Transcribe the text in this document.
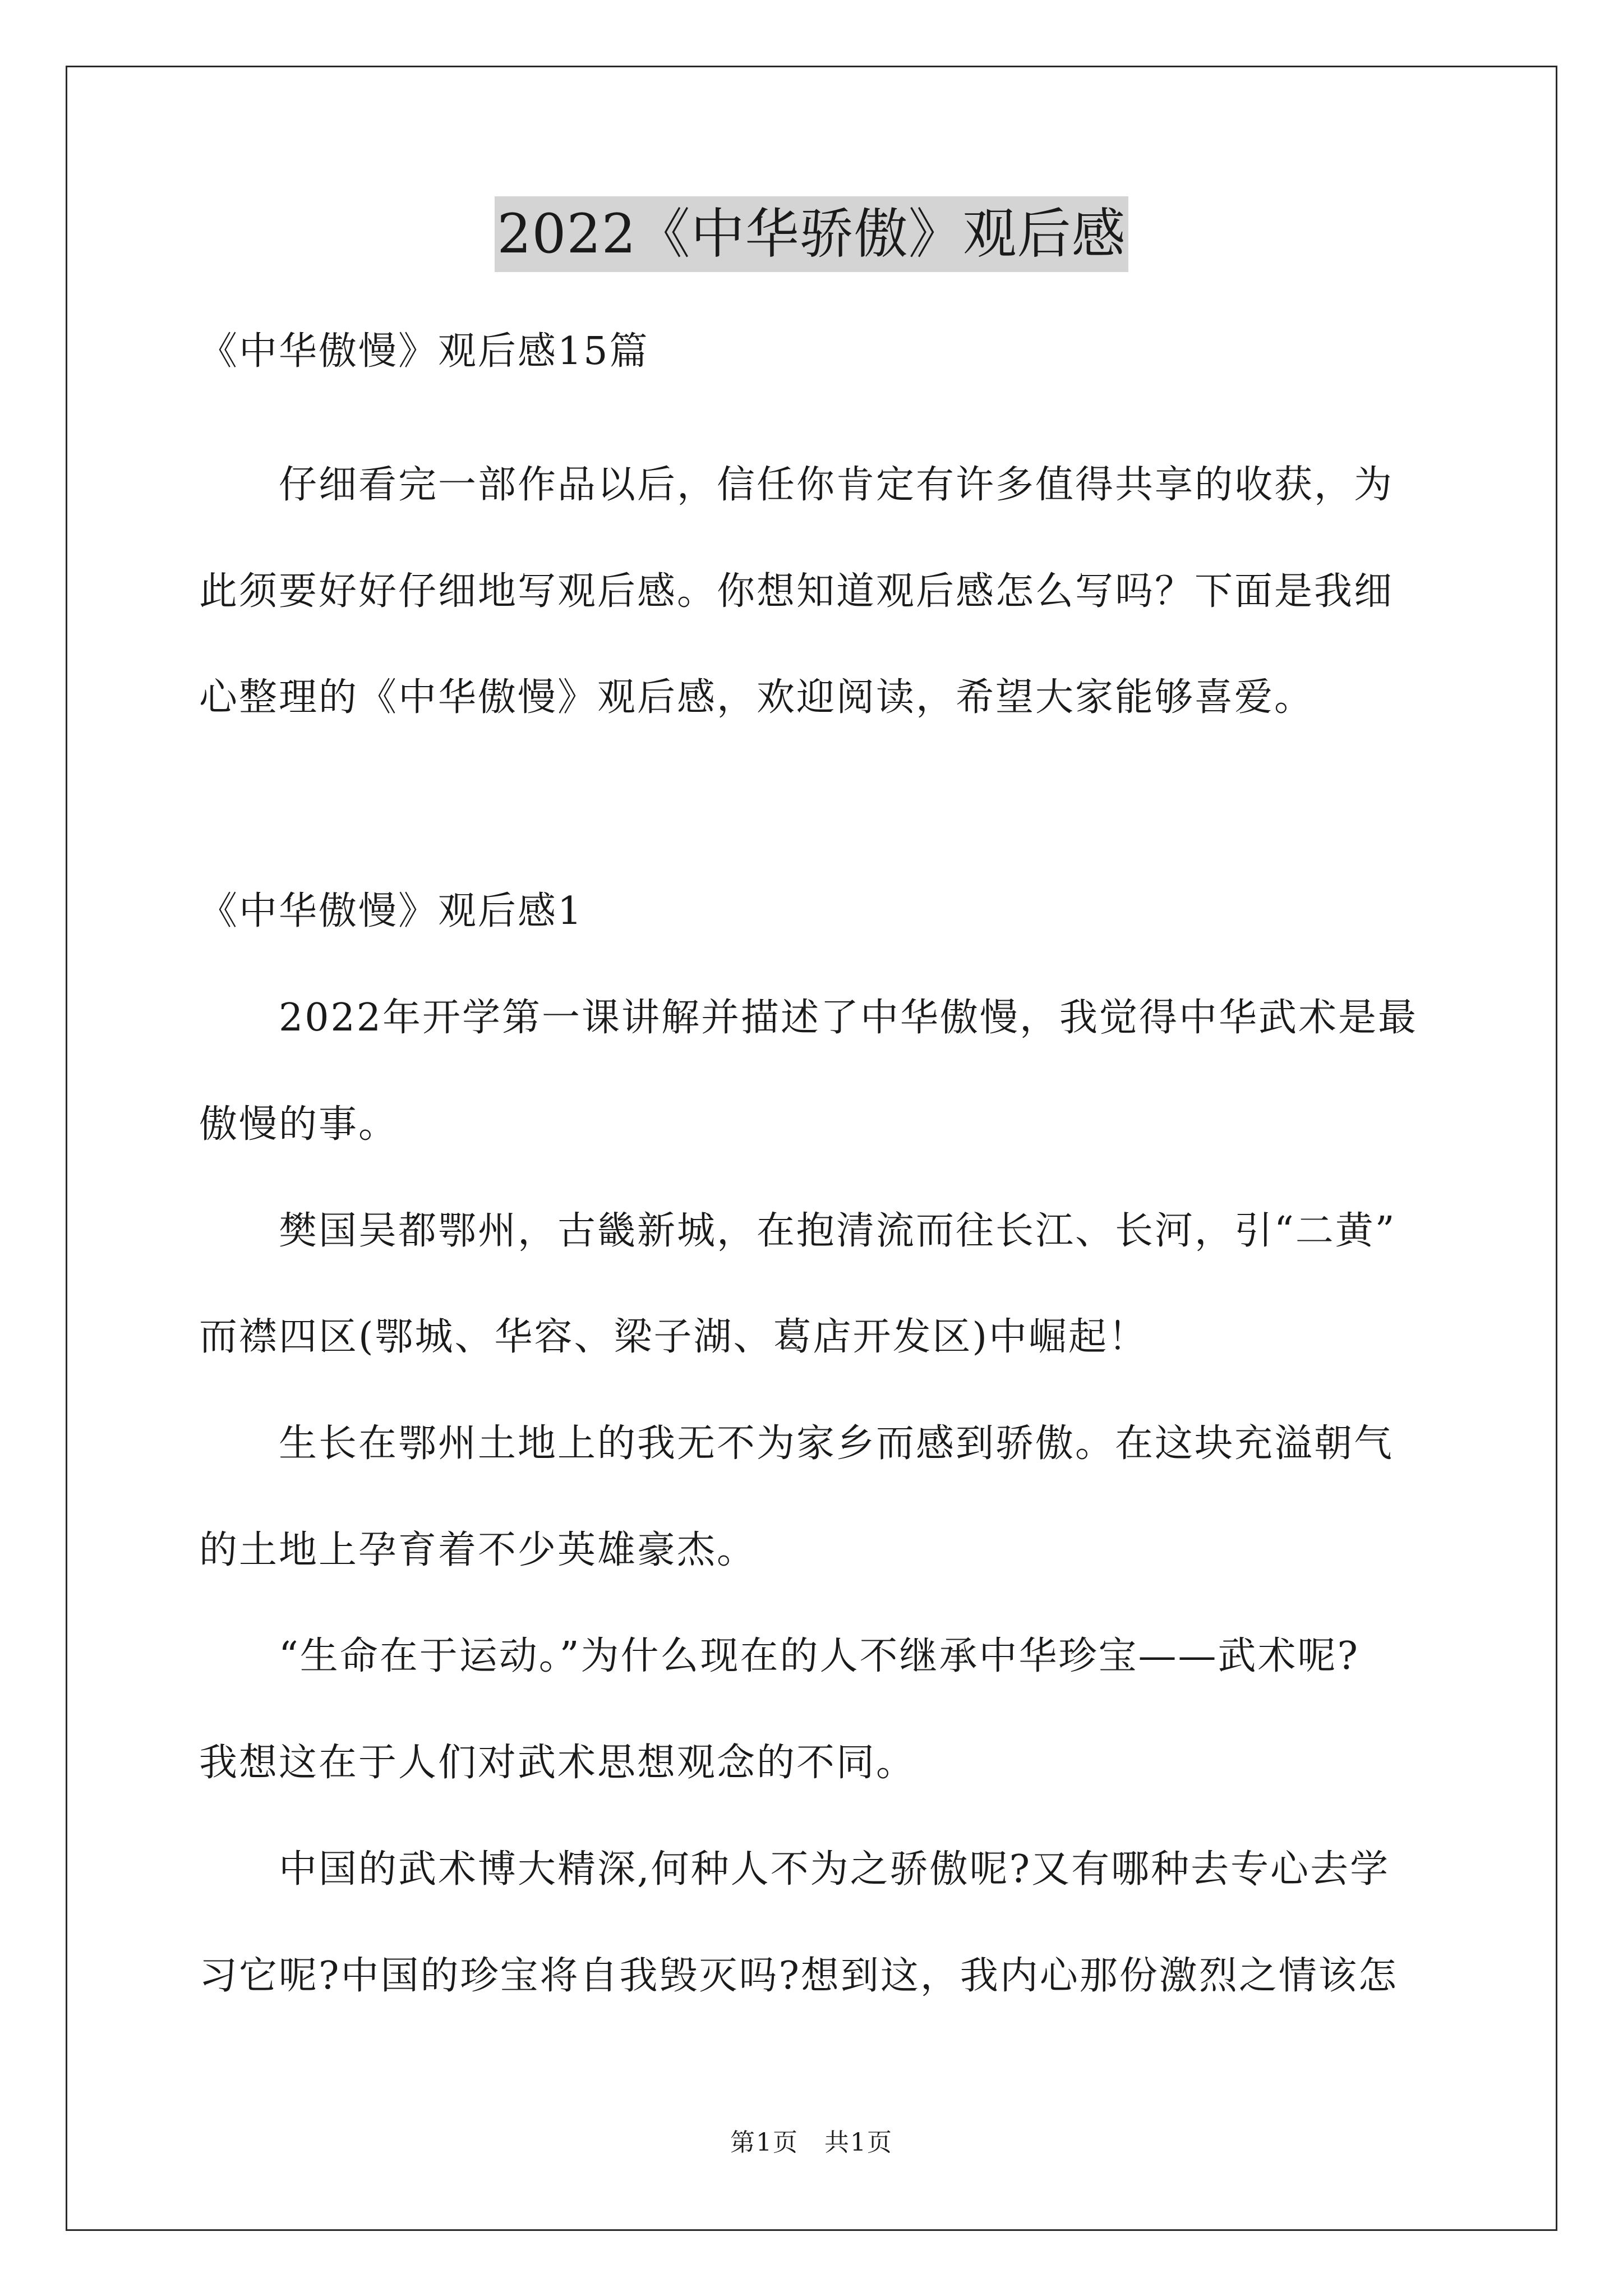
2022《中华骄傲》观后感

《中华傲慢》观后感15篇

仔细看完一部作品以后，信任你肯定有许多值得共享的收获，为

此须要好好仔细地写观后感。你想知道观后感怎么写吗？下面是我细

心整理的《中华傲慢》观后感，欢迎阅读，希望大家能够喜爱。

《中华傲慢》观后感1

2022年开学第一课讲解并描述了中华傲慢，我觉得中华武术是最

傲慢的事。

樊国吴都鄂州，古畿新城，在抱清流而往长江、长河，引“二黄”

而襟四区(鄂城、华容、梁子湖、葛店开发区)中崛起！

生长在鄂州土地上的我无不为家乡而感到骄傲。在这块充溢朝气

的土地上孕育着不少英雄豪杰。

“生命在于运动。”为什么现在的人不继承中华珍宝——武术呢?

我想这在于人们对武术思想观念的不同。

中国的武术博大精深,何种人不为之骄傲呢?又有哪种去专心去学

习它呢?中国的珍宝将自我毁灭吗?想到这，我内心那份激烈之情该怎

第1页　共1页
